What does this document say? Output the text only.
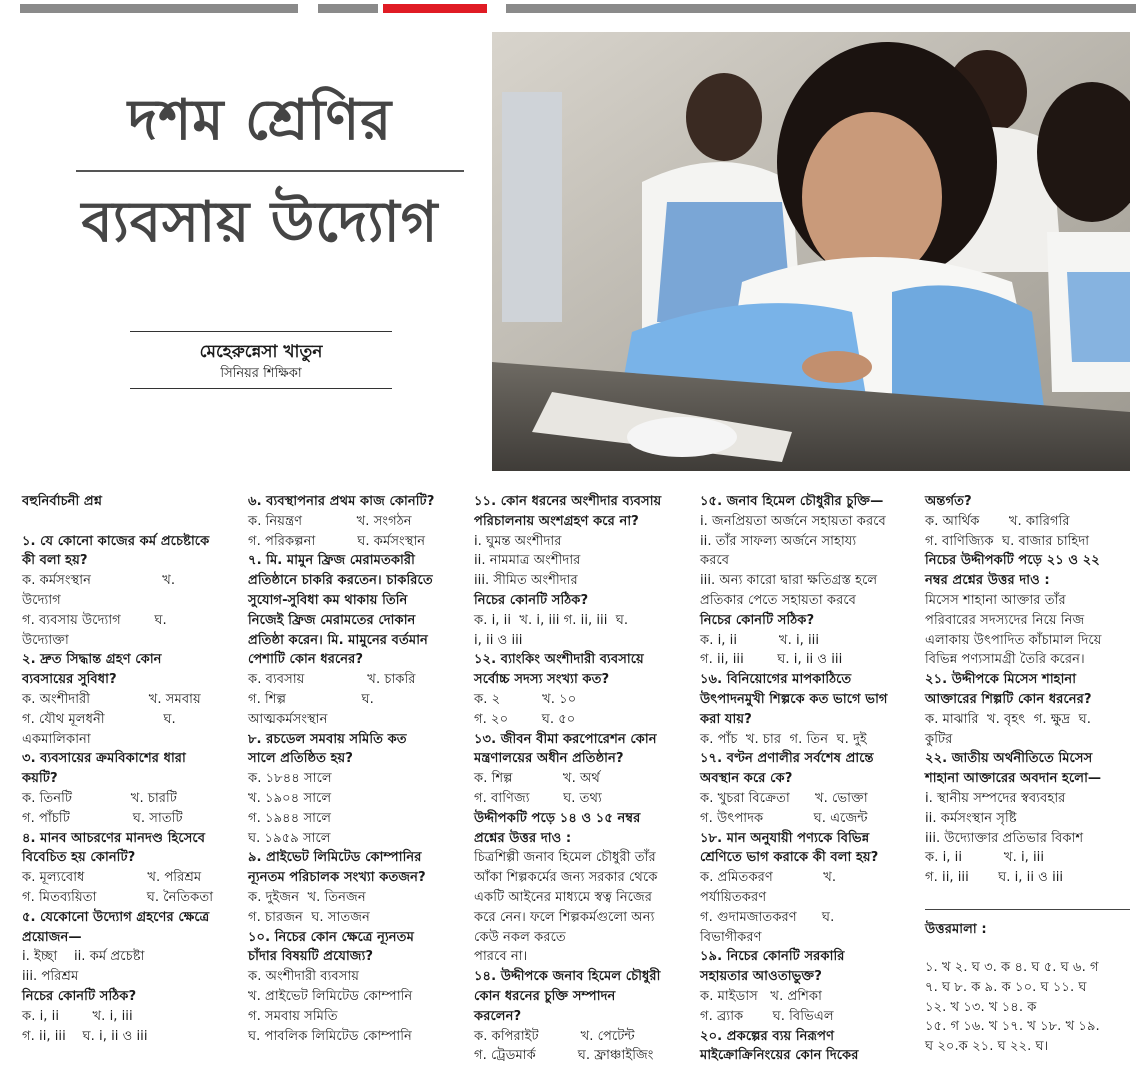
দশম শ্রেণির
ব্যবসায় উদ্যোগ
মেহেরুন্নেসা খাতুন
সিনিয়র শিক্ষিকা
বহুনির্বাচনী প্রশ্ন

১. যে কোনো কাজের কর্ম প্রচেষ্টাকে
কী বলা হয়?
ক. কর্মসংস্থান                 খ.
উদ্যোগ
গ. ব্যবসায় উদ্যোগ        ঘ.
উদ্যোক্তা
২. দ্রুত সিদ্ধান্ত গ্রহণ কোন
ব্যবসায়ের সুবিধা?
ক. অংশীদারী              খ. সমবায়
গ. যৌথ মূলধনী              ঘ.
একমালিকানা
৩. ব্যবসায়ের ক্রমবিকাশের ধারা
কয়টি?
ক. তিনটি              খ. চারটি
গ. পাঁচটি               ঘ. সাতটি
৪. মানব আচরণের মানদণ্ড হিসেবে
বিবেচিত হয় কোনটি?
ক. মূল্যবোধ               খ. পরিশ্রম
গ. মিতব্যয়িতা            ঘ. নৈতিকতা
৫. যেকোনো উদ্যোগ গ্রহণের ক্ষেত্রে
প্রয়োজন—
i. ইচ্ছা    ii. কর্ম প্রচেষ্টা
iii. পরিশ্রম
নিচের কোনটি সঠিক?
ক. i, ii        খ. i, iii
গ. ii, iii    ঘ. i, ii ও iii
৬. ব্যবস্থাপনার প্রথম কাজ কোনটি?
ক. নিয়ন্ত্রণ             খ. সংগঠন
গ. পরিকল্পনা          ঘ. কর্মসংস্থান
৭. মি. মামুন ফ্রিজ মেরামতকারী
প্রতিষ্ঠানে চাকরি করতেন। চাকরিতে
সুযোগ-সুবিধা কম থাকায় তিনি
নিজেই ফ্রিজ মেরামতের দোকান
প্রতিষ্ঠা করেন। মি. মামুনের বর্তমান
পেশাটি কোন ধরনের?
ক. ব্যবসায়               খ. চাকরি
গ. শিল্প                  ঘ.
আত্মকর্মসংস্থান
৮. রচডেল সমবায় সমিতি কত
সালে প্রতিষ্ঠিত হয়?
ক. ১৮৪৪ সালে
খ. ১৯০৪ সালে
গ. ১৯৪৪ সালে
ঘ. ১৯৫৯ সালে
৯. প্রাইভেট লিমিটেড কোম্পানির
ন্যূনতম পরিচালক সংখ্যা কতজন?
ক. দুইজন  খ. তিনজন
গ. চারজন  ঘ. সাতজন
১০. নিচের কোন ক্ষেত্রে ন্যূনতম
চাঁদার বিষয়টি প্রযোজ্য?
ক. অংশীদারী ব্যবসায়
খ. প্রাইভেট লিমিটেড কোম্পানি
গ. সমবায় সমিতি
ঘ. পাবলিক লিমিটেড কোম্পানি
১১. কোন ধরনের অংশীদার ব্যবসায়
পরিচালনায় অংশগ্রহণ করে না?
i. ঘুমন্ত অংশীদার
ii. নামমাত্র অংশীদার
iii. সীমিত অংশীদার
নিচের কোনটি সঠিক?
ক. i, ii  খ. i, iii গ. ii, iii  ঘ.
i, ii ও iii
১২. ব্যাংকিং অংশীদারী ব্যবসায়ে
সর্বোচ্চ সদস্য সংখ্যা কত?
ক. ২          খ. ১০
গ. ২০        ঘ. ৫০
১৩. জীবন বীমা করপোরেশন কোন
মন্ত্রণালয়ের অধীন প্রতিষ্ঠান?
ক. শিল্প            খ. অর্থ
গ. বাণিজ্য        ঘ. তথ্য
উদ্দীপকটি পড়ে ১৪ ও ১৫ নম্বর
প্রশ্নের উত্তর দাও :
চিত্রশিল্পী জনাব হিমেল চৌধুরী তাঁর
আঁকা শিল্পকর্মের জন্য সরকার থেকে
একটি আইনের মাধ্যমে স্বত্ব নিজের
করে নেন। ফলে শিল্পকর্মগুলো অন্য
কেউ নকল করতে
পারবে না।
১৪. উদ্দীপকে জনাব হিমেল চৌধুরী
কোন ধরনের চুক্তি সম্পাদন
করলেন?
ক. কপিরাইট          খ. পেটেন্ট
গ. ট্রেডমার্ক          ঘ. ফ্রাঞ্চাইজিং
১৫. জনাব হিমেল চৌধুরীর চুক্তি—
i. জনপ্রিয়তা অর্জনে সহায়তা করবে
ii. তাঁর সাফল্য অর্জনে সাহায্য
করবে
iii. অন্য কারো দ্বারা ক্ষতিগ্রস্ত হলে
প্রতিকার পেতে সহায়তা করবে
নিচের কোনটি সঠিক?
ক. i, ii          খ. i, iii
গ. ii, iii        ঘ. i, ii ও iii
১৬. বিনিয়োগের মাপকাঠিতে
উৎপাদনমুখী শিল্পকে কত ভাগে ভাগ
করা যায়?
ক. পাঁচ  খ. চার  গ. তিন  ঘ. দুই
১৭. বণ্টন প্রণালীর সর্বশেষ প্রান্তে
অবস্থান করে কে?
ক. খুচরা বিক্রেতা      খ. ভোক্তা
গ. উৎপাদক            ঘ. এজেন্ট
১৮. মান অনুযায়ী পণ্যকে বিভিন্ন
শ্রেণিতে ভাগ করাকে কী বলা হয়?
ক. প্রমিতকরণ            খ.
পর্যায়িতকরণ
গ. গুদামজাতকরণ      ঘ.
বিভাগীকরণ
১৯. নিচের কোনটি সরকারি
সহায়তার আওতাভুক্ত?
ক. মাইডাস   খ. প্রশিকা
গ. ব্র্যাক       ঘ. বিভিএল
২০. প্রকল্পের ব্যয় নিরূপণ
মাইক্রোক্রিনিংয়ের কোন দিকের
অন্তর্গত?
ক. আর্থিক       খ. কারিগরি
গ. বাণিজ্যিক  ঘ. বাজার চাহিদা
নিচের উদ্দীপকটি পড়ে ২১ ও ২২
নম্বর প্রশ্নের উত্তর দাও :
মিসেস শাহানা আক্তার তাঁর
পরিবারের সদস্যদের নিয়ে নিজ
এলাকায় উৎপাদিত কাঁচামাল দিয়ে
বিভিন্ন পণ্যসামগ্রী তৈরি করেন।
২১. উদ্দীপকে মিসেস শাহানা
আক্তারের শিল্পটি কোন ধরনের?
ক. মাঝারি  খ. বৃহৎ  গ. ক্ষুদ্র  ঘ.
কুটির
২২. জাতীয় অর্থনীতিতে মিসেস
শাহানা আক্তারের অবদান হলো—
i. স্থানীয় সম্পদের স্বব্যবহার
ii. কর্মসংস্থান সৃষ্টি
iii. উদ্যোক্তার প্রতিভার বিকাশ
ক. i, ii          খ. i, iii
গ. ii, iii       ঘ. i, ii ও iii
উত্তরমালা :
১. খ ২. ঘ ৩. ক ৪. ঘ ৫. ঘ ৬. গ
৭. ঘ ৮. ক ৯. ক ১০. ঘ ১১. ঘ
১২. খ ১৩. খ ১৪. ক
১৫. গ ১৬. খ ১৭. খ ১৮. খ ১৯.
ঘ ২০.ক ২১. ঘ ২২. ঘ।
